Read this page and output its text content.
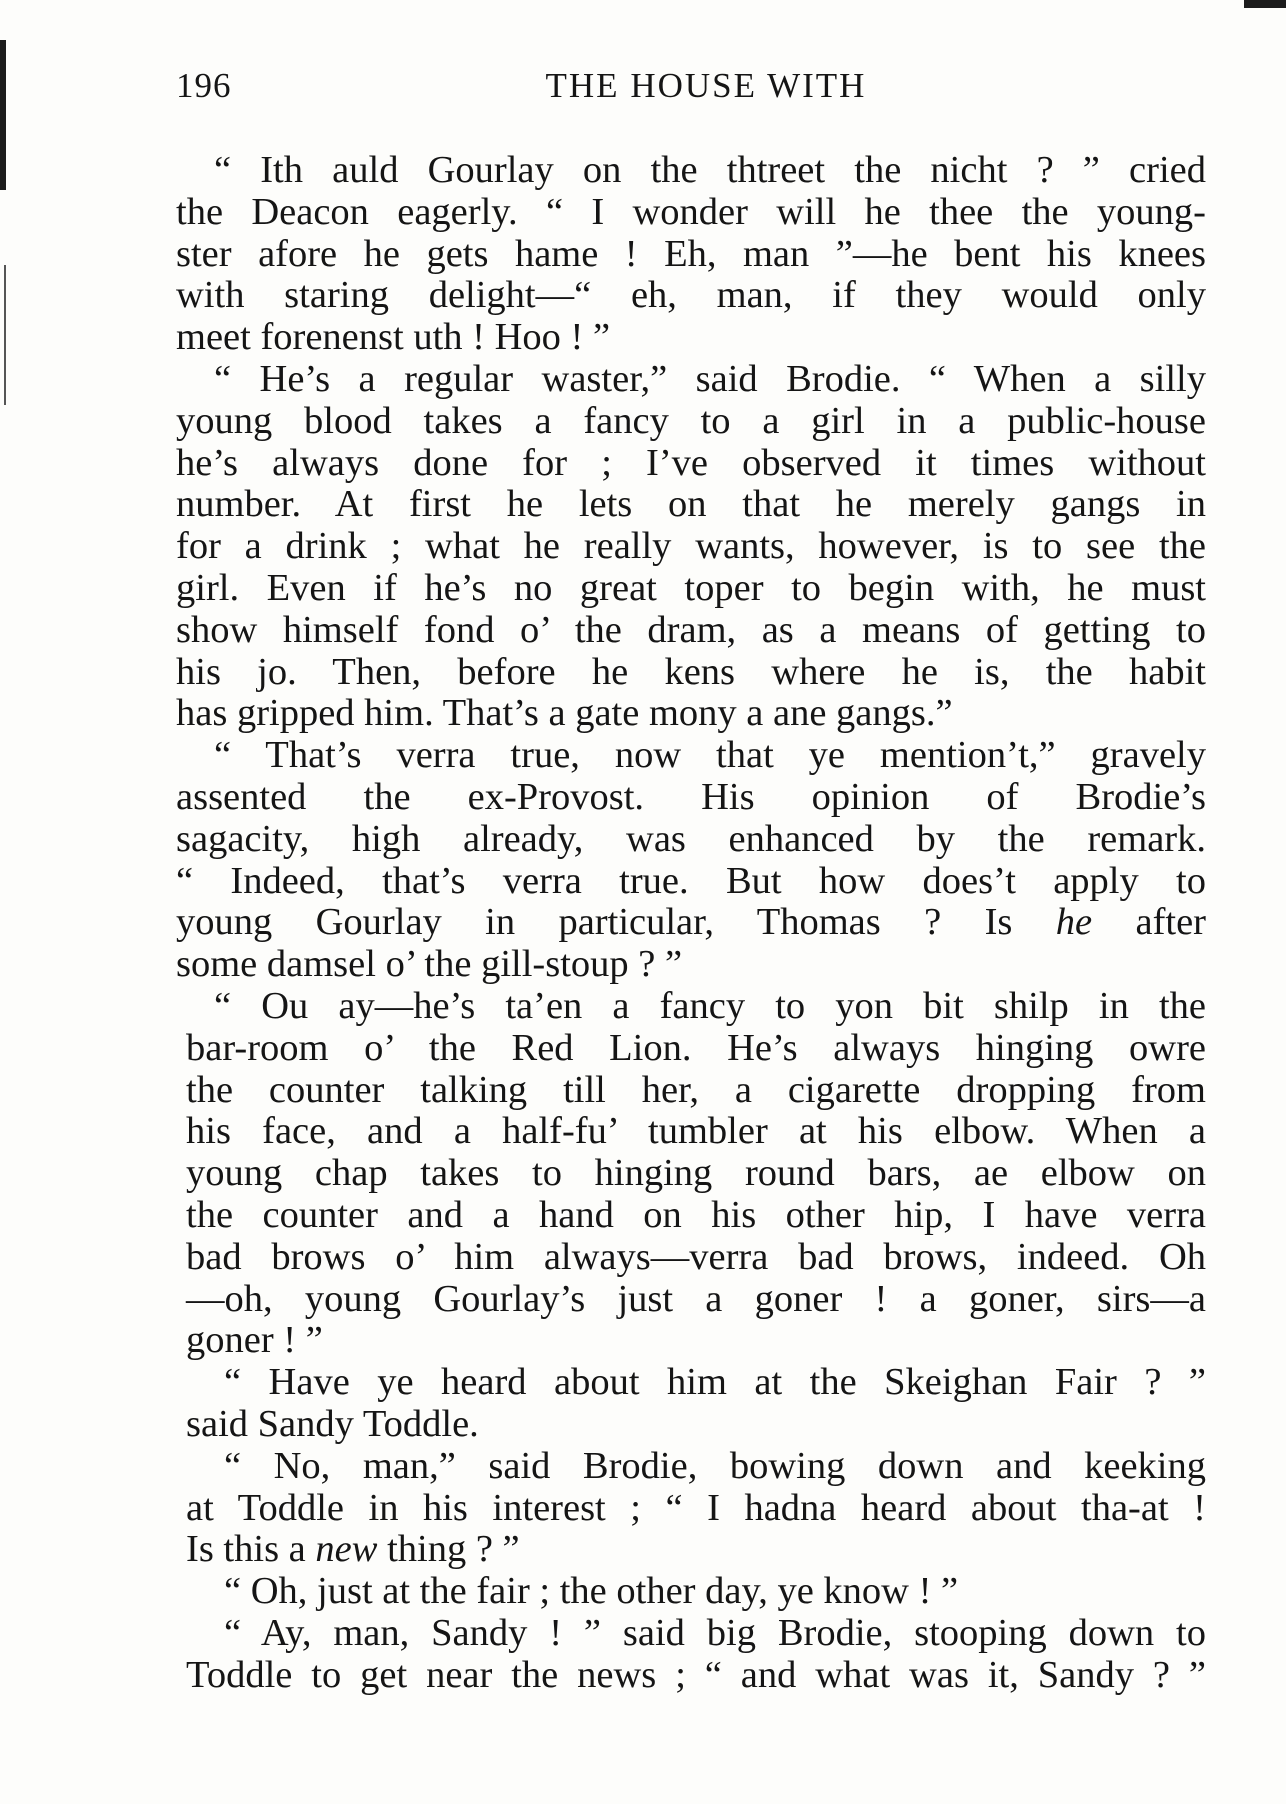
196	THE HOUSE WITH
“ Ith auld Gourlay on the thtreet the nicht ? ” cried
the Deacon eagerly. “ I wonder will he thee the young-
ster afore he gets hame ! Eh, man ”—he bent his knees
with staring delight—“ eh, man, if they would only
meet forenenst uth ! Hoo ! ”
“ He’s a regular waster,” said Brodie. “ When a silly
young blood takes a fancy to a girl in a public-house
he’s always done for ; I’ve observed it times without
number. At first he lets on that he merely gangs in
for a drink ; what he really wants, however, is to see the
girl. Even if he’s no great toper to begin with, he must
show himself fond o’ the dram, as a means of getting to
his jo. Then, before he kens where he is, the habit
has gripped him. That’s a gate mony a ane gangs.”
“ That’s verra true, now that ye mention’t,” gravely
assented the ex-Provost. His opinion of Brodie’s
sagacity, high already, was enhanced by the remark.
“ Indeed, that’s verra true. But how does’t apply to
young Gourlay in particular, Thomas ? Is he after
some damsel o’ the gill-stoup ? ”
“ Ou ay—he’s ta’en a fancy to yon bit shilp in the
bar-room o’ the Red Lion. He’s always hinging owre
the counter talking till her, a cigarette dropping from
his face, and a half-fu’ tumbler at his elbow. When a
young chap takes to hinging round bars, ae elbow on
the counter and a hand on his other hip, I have verra
bad brows o’ him always—verra bad brows, indeed. Oh
—oh, young Gourlay’s just a goner ! a goner, sirs—a
goner ! ”
“ Have ye heard about him at the Skeighan Fair ? ”
said Sandy Toddle.
“ No, man,” said Brodie, bowing down and keeking
at Toddle in his interest ; “ I hadna heard about tha-at !
Is this a new thing ? ”
“ Oh, just at the fair ; the other day, ye know ! ”
“ Ay, man, Sandy ! ” said big Brodie, stooping down to
Toddle to get near the news ; “ and what was it, Sandy ? ”
